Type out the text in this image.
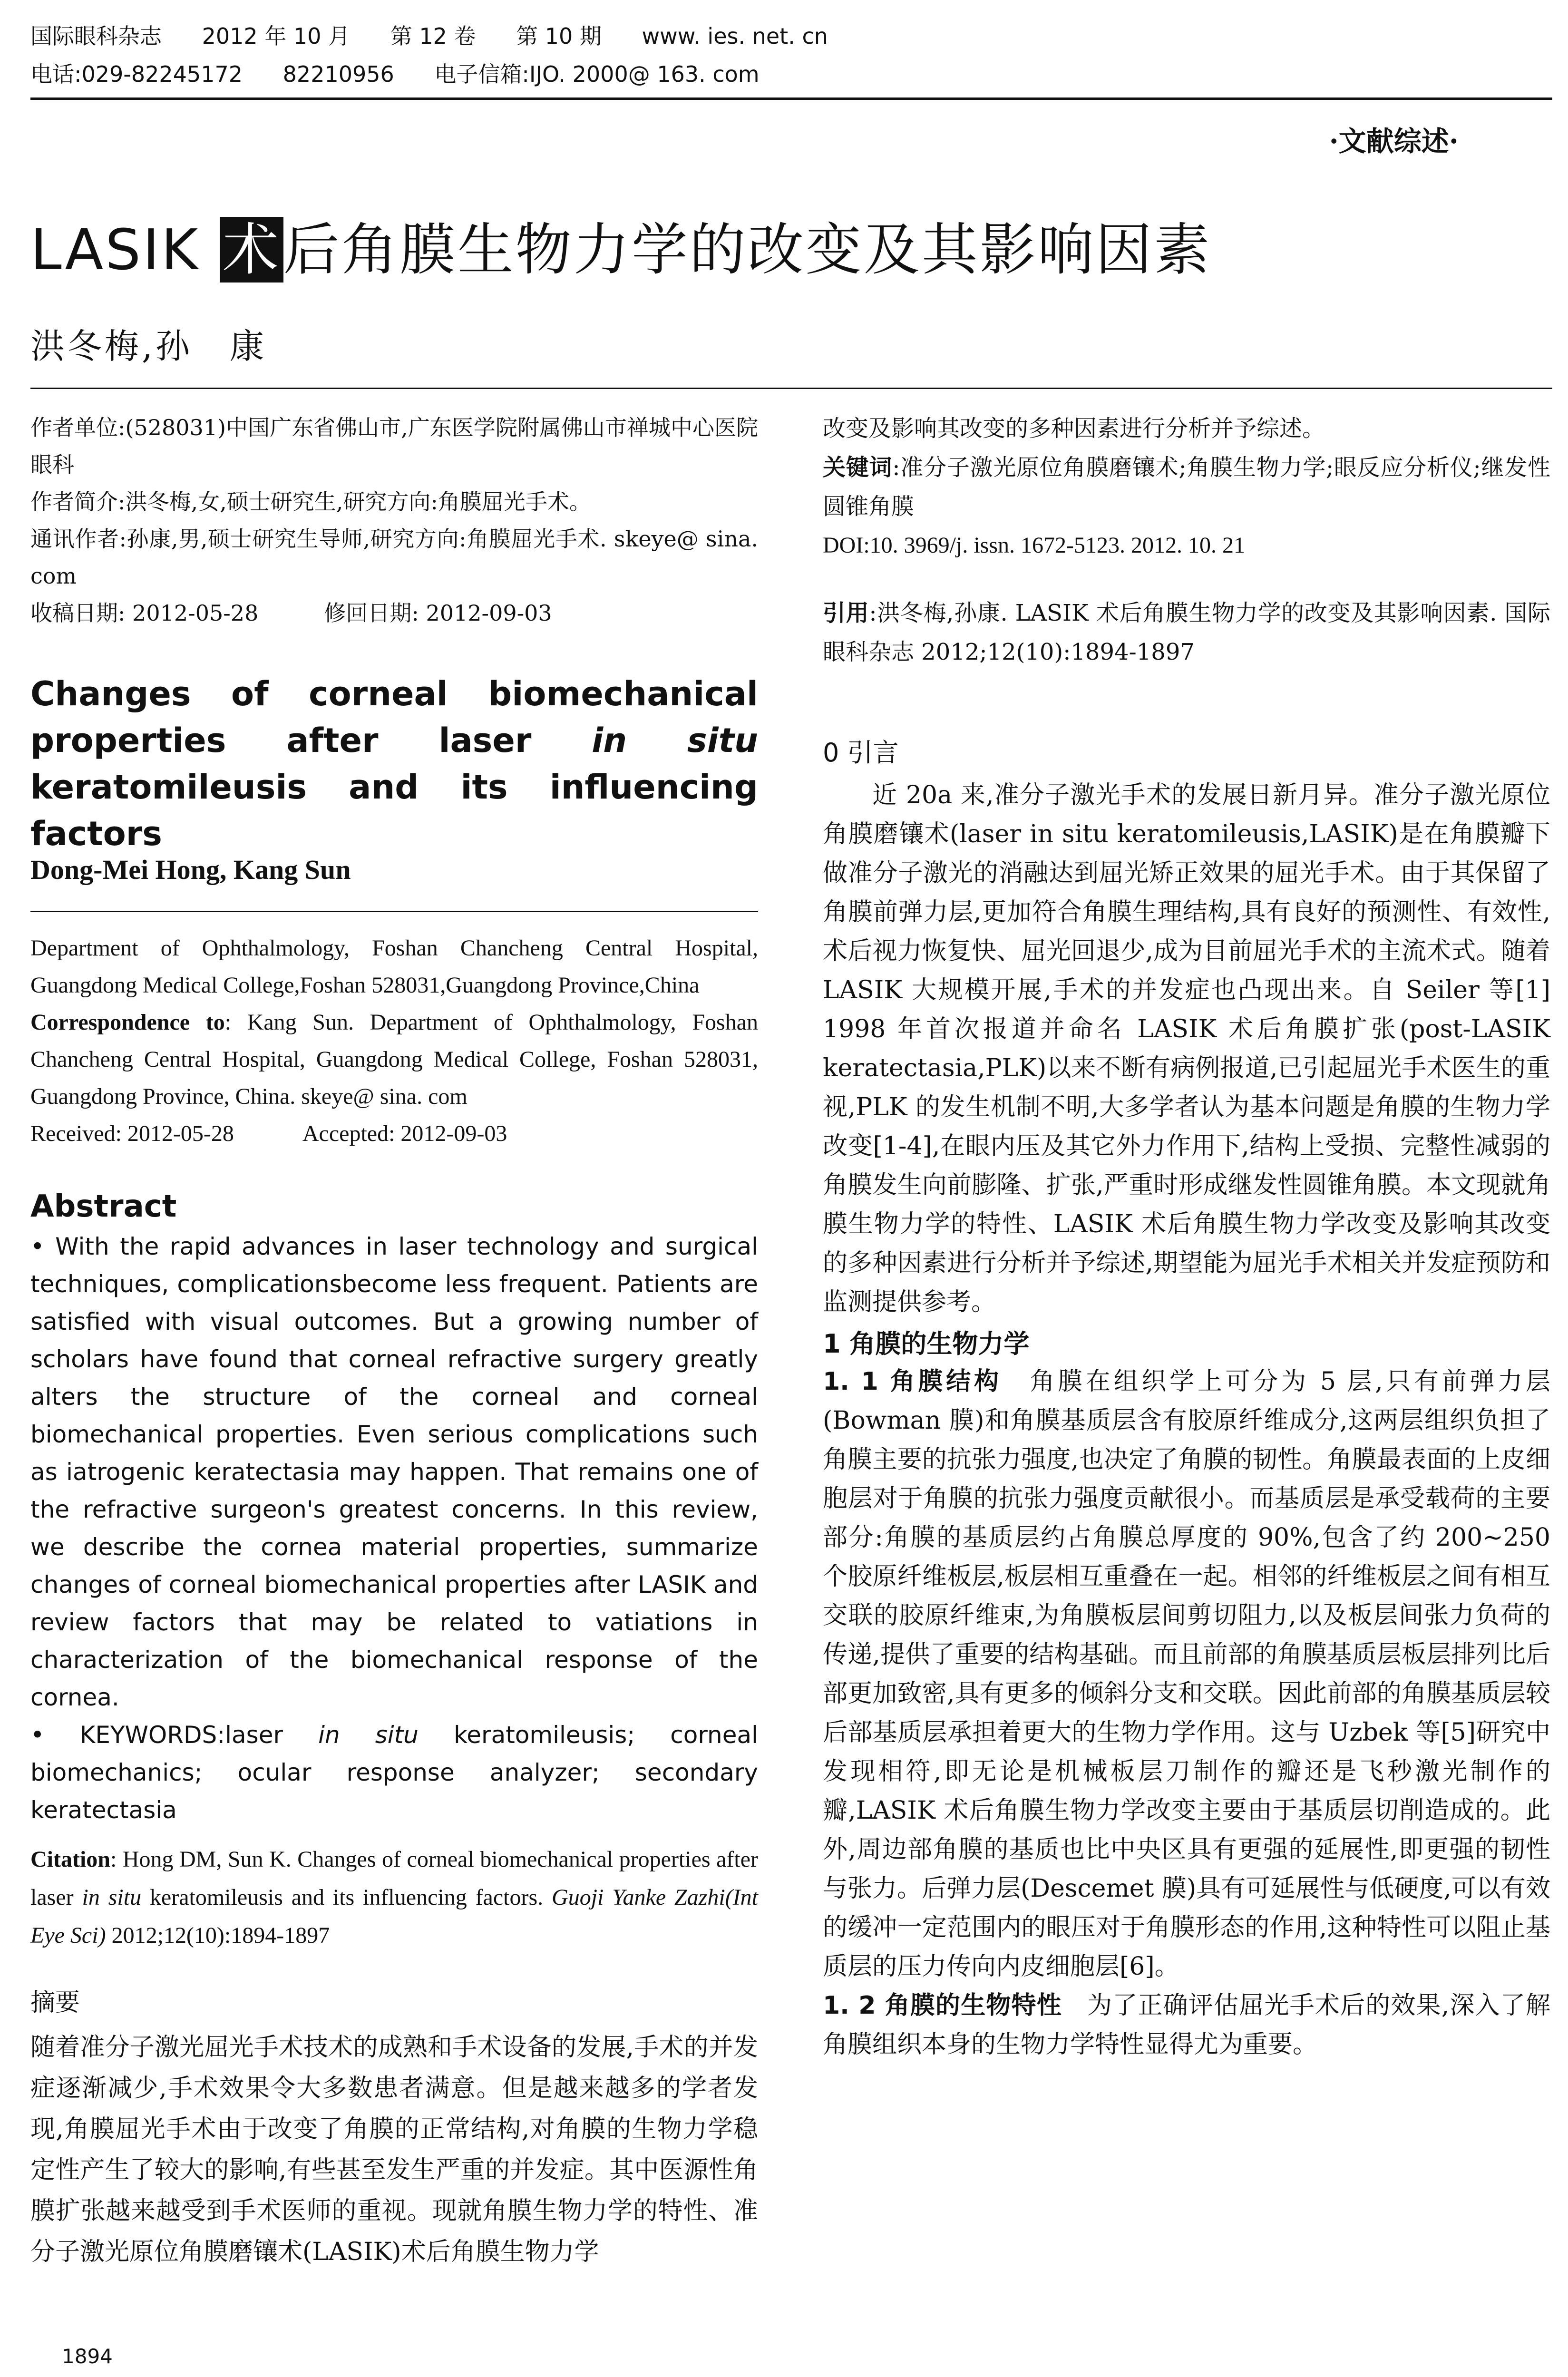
国际眼科杂志 2012 年 10 月 第 12 卷 第 10 期 www. ies. net. cn
电话:029-82245172 82210956 电子信箱:IJO. 2000@ 163. com
·文献综述·
LASIK 术后角膜生物力学的改变及其影响因素
洪冬梅,孙　康

作者单位:(528031)中国广东省佛山市,广东医学院附属佛山市禅城中心医院眼科

作者简介:洪冬梅,女,硕士研究生,研究方向:角膜屈光手术。

通讯作者:孙康,男,硕士研究生导师,研究方向:角膜屈光手术. skeye@ sina. com

收稿日期: 2012-05-28　　　修回日期: 2012-09-03

Changes of corneal biomechanical properties after laser in situ keratomileusis and its influencing factors

Dong-Mei Hong, Kang Sun

Department of Ophthalmology, Foshan Chancheng Central Hospital, Guangdong Medical College,Foshan 528031,Guangdong Province,China

Correspondence to: Kang Sun. Department of Ophthalmology, Foshan Chancheng Central Hospital, Guangdong Medical College, Foshan 528031, Guangdong Province, China. skeye@ sina. com

Received: 2012-05-28　　　Accepted: 2012-09-03

Abstract

• With the rapid advances in laser technology and surgical techniques, complicationsbecome less frequent. Patients are satisfied with visual outcomes. But a growing number of scholars have found that corneal refractive surgery greatly alters the structure of the corneal and corneal biomechanical properties. Even serious complications such as iatrogenic keratectasia may happen. That remains one of the refractive surgeon's greatest concerns. In this review, we describe the cornea material properties, summarize changes of corneal biomechanical properties after LASIK and review factors that may be related to vatiations in characterization of the biomechanical response of the cornea.

• KEYWORDS:laser in situ keratomileusis; corneal biomechanics; ocular response analyzer; secondary keratectasia

Citation: Hong DM, Sun K. Changes of corneal biomechanical properties after laser in situ keratomileusis and its influencing factors. Guoji Yanke Zazhi(Int Eye Sci) 2012;12(10):1894-1897

摘要

随着准分子激光屈光手术技术的成熟和手术设备的发展,手术的并发症逐渐减少,手术效果令大多数患者满意。但是越来越多的学者发现,角膜屈光手术由于改变了角膜的正常结构,对角膜的生物力学稳定性产生了较大的影响,有些甚至发生严重的并发症。其中医源性角膜扩张越来越受到手术医师的重视。现就角膜生物力学的特性、准分子激光原位角膜磨镶术(LASIK)术后角膜生物力学

改变及影响其改变的多种因素进行分析并予综述。

关键词:准分子激光原位角膜磨镶术;角膜生物力学;眼反应分析仪;继发性圆锥角膜

DOI:10. 3969/j. issn. 1672-5123. 2012. 10. 21

引用:洪冬梅,孙康. LASIK 术后角膜生物力学的改变及其影响因素. 国际眼科杂志 2012;12(10):1894-1897

0 引言

近 20a 来,准分子激光手术的发展日新月异。准分子激光原位角膜磨镶术(laser in situ keratomileusis,LASIK)是在角膜瓣下做准分子激光的消融达到屈光矫正效果的屈光手术。由于其保留了角膜前弹力层,更加符合角膜生理结构,具有良好的预测性、有效性,术后视力恢复快、屈光回退少,成为目前屈光手术的主流术式。随着 LASIK 大规模开展,手术的并发症也凸现出来。自 Seiler 等[1] 1998 年首次报道并命名 LASIK 术后角膜扩张(post-LASIK keratectasia,PLK)以来不断有病例报道,已引起屈光手术医生的重视,PLK 的发生机制不明,大多学者认为基本问题是角膜的生物力学改变[1-4],在眼内压及其它外力作用下,结构上受损、完整性减弱的角膜发生向前膨隆、扩张,严重时形成继发性圆锥角膜。本文现就角膜生物力学的特性、LASIK 术后角膜生物力学改变及影响其改变的多种因素进行分析并予综述,期望能为屈光手术相关并发症预防和监测提供参考。

1 角膜的生物力学

1. 1 角膜结构　 角膜在组织学上可分为 5 层,只有前弹力层(Bowman 膜)和角膜基质层含有胶原纤维成分,这两层组织负担了角膜主要的抗张力强度,也决定了角膜的韧性。角膜最表面的上皮细胞层对于角膜的抗张力强度贡献很小。而基质层是承受载荷的主要部分:角膜的基质层约占角膜总厚度的 90%,包含了约 200~250 个胶原纤维板层,板层相互重叠在一起。相邻的纤维板层之间有相互交联的胶原纤维束,为角膜板层间剪切阻力,以及板层间张力负荷的传递,提供了重要的结构基础。而且前部的角膜基质层板层排列比后部更加致密,具有更多的倾斜分支和交联。因此前部的角膜基质层较后部基质层承担着更大的生物力学作用。这与 Uzbek 等[5]研究中发现相符,即无论是机械板层刀制作的瓣还是飞秒激光制作的瓣,LASIK 术后角膜生物力学改变主要由于基质层切削造成的。此外,周边部角膜的基质也比中央区具有更强的延展性,即更强的韧性与张力。后弹力层(Descemet 膜)具有可延展性与低硬度,可以有效的缓冲一定范围内的眼压对于角膜形态的作用,这种特性可以阻止基质层的压力传向内皮细胞层[6]。

1. 2 角膜的生物特性　 为了正确评估屈光手术后的效果,深入了解角膜组织本身的生物力学特性显得尤为重要。

1894
